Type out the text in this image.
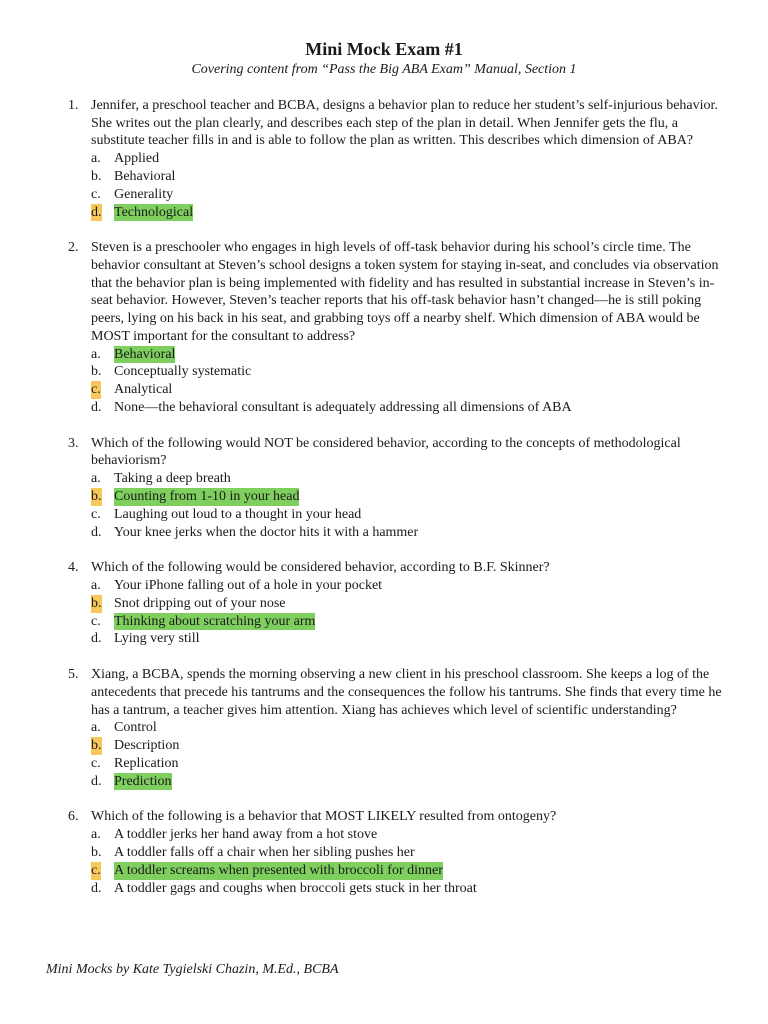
Mini Mock Exam #1
Covering content from “Pass the Big ABA Exam” Manual, Section 1
1. Jennifer, a preschool teacher and BCBA, designs a behavior plan to reduce her student’s self-injurious behavior. She writes out the plan clearly, and describes each step of the plan in detail. When Jennifer gets the flu, a substitute teacher fills in and is able to follow the plan as written. This describes which dimension of ABA?
a. Applied
b. Behavioral
c. Generality
d. Technological
2. Steven is a preschooler who engages in high levels of off-task behavior during his school’s circle time. The behavior consultant at Steven’s school designs a token system for staying in-seat, and concludes via observation that the behavior plan is being implemented with fidelity and has resulted in substantial increase in Steven’s in-seat behavior. However, Steven’s teacher reports that his off-task behavior hasn’t changed—he is still poking peers, lying on his back in his seat, and grabbing toys off a nearby shelf. Which dimension of ABA would be MOST important for the consultant to address?
a. Behavioral
b. Conceptually systematic
c. Analytical
d. None—the behavioral consultant is adequately addressing all dimensions of ABA
3. Which of the following would NOT be considered behavior, according to the concepts of methodological behaviorism?
a. Taking a deep breath
b. Counting from 1-10 in your head
c. Laughing out loud to a thought in your head
d. Your knee jerks when the doctor hits it with a hammer
4. Which of the following would be considered behavior, according to B.F. Skinner?
a. Your iPhone falling out of a hole in your pocket
b. Snot dripping out of your nose
c. Thinking about scratching your arm
d. Lying very still
5. Xiang, a BCBA, spends the morning observing a new client in his preschool classroom. She keeps a log of the antecedents that precede his tantrums and the consequences the follow his tantrums. She finds that every time he has a tantrum, a teacher gives him attention. Xiang has achieves which level of scientific understanding?
a. Control
b. Description
c. Replication
d. Prediction
6. Which of the following is a behavior that MOST LIKELY resulted from ontogeny?
a. A toddler jerks her hand away from a hot stove
b. A toddler falls off a chair when her sibling pushes her
c. A toddler screams when presented with broccoli for dinner
d. A toddler gags and coughs when broccoli gets stuck in her throat
Mini Mocks by Kate Tygielski Chazin, M.Ed., BCBA
